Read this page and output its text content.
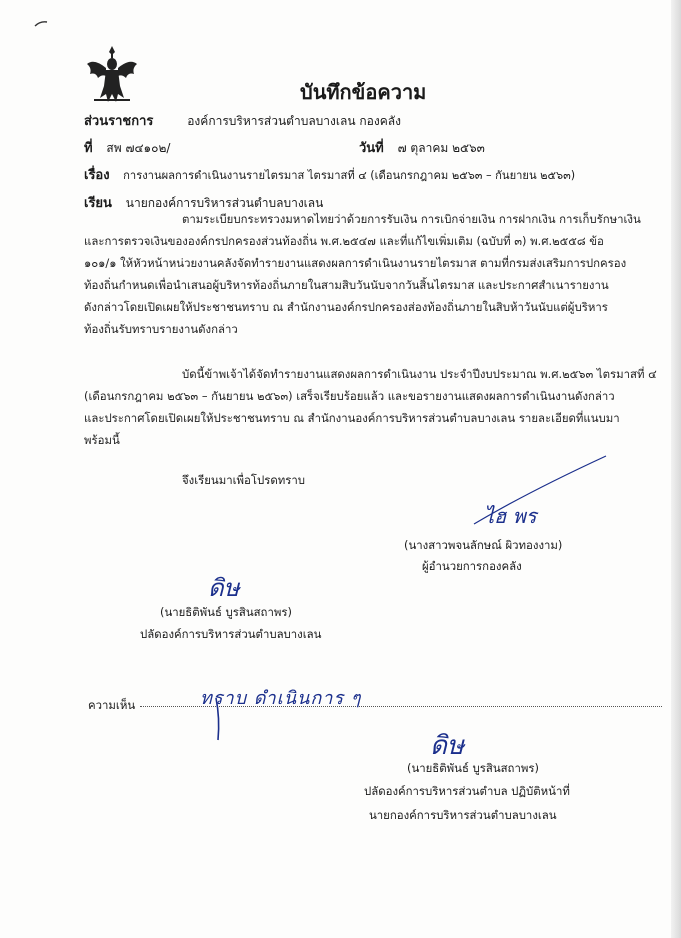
บันทึกข้อความ
ส่วนราชการ	องค์การบริหารส่วนตำบลบางเลน กองคลัง
ที่ สพ ๗๔๑๐๒/	วันที่ ๗ ตุลาคม ๒๕๖๓
เรื่อง การงานผลการดำเนินงานรายไตรมาส ไตรมาสที่ ๔ (เดือนกรกฎาคม ๒๕๖๓ – กันยายน ๒๕๖๓)
เรียน นายกองค์การบริหารส่วนตำบลบางเลน
ตามระเบียบกระทรวงมหาดไทยว่าด้วยการรับเงิน การเบิกจ่ายเงิน การฝากเงิน การเก็บรักษาเงิน
และการตรวจเงินขององค์กรปกครองส่วนท้องถิ่น พ.ศ.๒๕๔๗ และที่แก้ไขเพิ่มเติม (ฉบับที่ ๓) พ.ศ.๒๕๕๘ ข้อ
๑๐๑/๑ ให้หัวหน้าหน่วยงานคลังจัดทำรายงานแสดงผลการดำเนินงานรายไตรมาส ตามที่กรมส่งเสริมการปกครอง
ท้องถิ่นกำหนดเพื่อนำเสนอผู้บริหารท้องถิ่นภายในสามสิบวันนับจากวันสิ้นไตรมาส และประกาศสำเนารายงาน
ดังกล่าวโดยเปิดเผยให้ประชาชนทราบ ณ สำนักงานองค์กรปกครองส่องท้องถิ่นภายในสิบห้าวันนับแต่ผู้บริหาร
ท้องถิ่นรับทราบรายงานดังกล่าว
บัดนี้ข้าพเจ้าได้จัดทำรายงานแสดงผลการดำเนินงาน ประจำปีงบประมาณ พ.ศ.๒๕๖๓ ไตรมาสที่ ๔
(เดือนกรกฎาคม ๒๕๖๓ – กันยายน ๒๕๖๓) เสร็จเรียบร้อยแล้ว และขอรายงานแสดงผลการดำเนินงานดังกล่าว
และประกาศโดยเปิดเผยให้ประชาชนทราบ ณ สำนักงานองค์การบริหารส่วนตำบลบางเลน รายละเอียดที่แนบมา
พร้อมนี้
จึงเรียนมาเพื่อโปรดทราบ
ไฮ พร
(นางสาวพจนลักษณ์ ผิวทองงาม)
ผู้อำนวยการกองคลัง
ดิษ
(นายธิติพันธ์ บูรสินสถาพร)
ปลัดองค์การบริหารส่วนตำบลบางเลน
ความเห็น	ทราบ ดำเนินการ ๆ
ดิษ
(นายธิติพันธ์ บูรสินสถาพร)
ปลัดองค์การบริหารส่วนตำบล ปฏิบัติหน้าที่
นายกองค์การบริหารส่วนตำบลบางเลน
